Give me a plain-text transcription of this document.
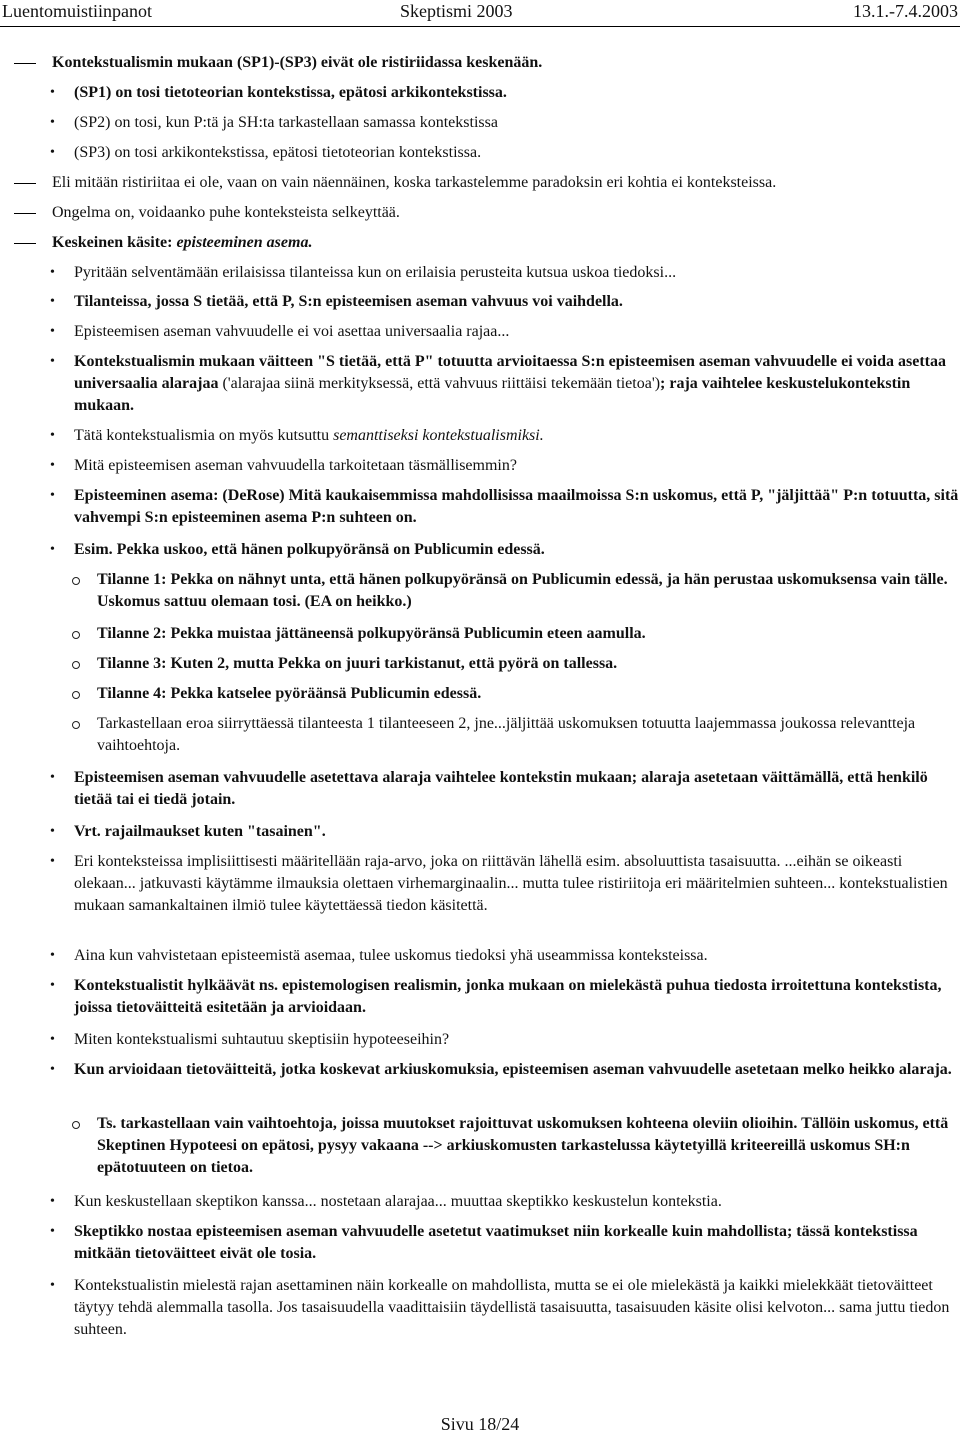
Luentomuistiinpanot	Skeptismi 2003	13.1.-7.4.2003
Kontekstualismin mukaan (SP1)-(SP3) eivät ole ristiriidassa keskenään.
• (SP1) on tosi tietoteorian kontekstissa, epätosi arkikontekstissa.
• (SP2) on tosi, kun P:tä ja SH:ta tarkastellaan samassa kontekstissa
• (SP3) on tosi arkikontekstissa, epätosi tietoteorian kontekstissa.
Eli mitään ristiriitaa ei ole, vaan on vain näennäinen, koska tarkastelemme paradoksin eri kohtia ei konteksteissa.
Ongelma on, voidaanko puhe konteksteista selkeyttää.
Keskeinen käsite: episteeminen asema.
• Pyritään selventämään erilaisissa tilanteissa kun on erilaisia perusteita kutsua uskoa tiedoksi...
• Tilanteissa, jossa S tietää, että P, S:n episteemisen aseman vahvuus voi vaihdella.
• Episteemisen aseman vahvuudelle ei voi asettaa universaalia rajaa...
• Kontekstualismin mukaan väitteen "S tietää, että P" totuutta arvioitaessa S:n episteemisen aseman vahvuudelle ei voida asettaa universaalia alarajaa ('alarajaa siinä merkityksessä, että vahvuus riittäisi tekemään tietoa'); raja vaihtelee keskustelukontekstin mukaan.
• Tätä kontekstualismia on myös kutsuttu semanttiseksi kontekstualismiksi.
• Mitä episteemisen aseman vahvuudella tarkoitetaan täsmällisemmin?
• Episteeminen asema: (DeRose) Mitä kaukaisemmissa mahdollisissa maailmoissa S:n uskomus, että P, "jäljittää" P:n totuutta, sitä vahvempi S:n episteeminen asema P:n suhteen on.
• Esim. Pekka uskoo, että hänen polkupyöränsä on Publicumin edessä.
Tilanne 1: Pekka on nähnyt unta, että hänen polkupyöränsä on Publicumin edessä, ja hän perustaa uskomuksensa vain tälle. Uskomus sattuu olemaan tosi. (EA on heikko.)
Tilanne 2: Pekka muistaa jättäneensä polkupyöränsä Publicumin eteen aamulla.
Tilanne 3: Kuten 2, mutta Pekka on juuri tarkistanut, että pyörä on tallessa.
Tilanne 4: Pekka katselee pyöräänsä Publicumin edessä.
Tarkastellaan eroa siirryttäessä tilanteesta 1 tilanteeseen 2, jne...jäljittää uskomuksen totuutta laajemmassa joukossa relevantteja vaihtoehtoja.
• Episteemisen aseman vahvuudelle asetettava alaraja vaihtelee kontekstin mukaan; alaraja asetetaan väittämällä, että henkilö tietää tai ei tiedä jotain.
• Vrt. rajailmaukset kuten "tasainen".
• Eri konteksteissa implisiittisesti määritellään raja-arvo, joka on riittävän lähellä esim. absoluuttista tasaisuutta. ...eihän se oikeasti olekaan... jatkuvasti käytämme ilmauksia olettaen virhemarginaalin... mutta tulee ristiriitoja eri määritelmien suhteen... kontekstualistien mukaan samankaltainen ilmiö tulee käytettäessä tiedon käsitettä.
• Aina kun vahvistetaan episteemistä asemaa, tulee uskomus tiedoksi yhä useammissa konteksteissa.
• Kontekstualistit hylkäävät ns. epistemologisen realismin, jonka mukaan on mielekästä puhua tiedosta irroitettuna kontekstista, joissa tietoväitteitä esitetään ja arvioidaan.
• Miten kontekstualismi suhtautuu skeptisiin hypoteeseihin?
• Kun arvioidaan tietoväitteitä, jotka koskevat arkiuskomuksia, episteemisen aseman vahvuudelle asetetaan melko heikko alaraja.
Ts. tarkastellaan vain vaihtoehtoja, joissa muutokset rajoittuvat uskomuksen kohteena oleviin olioihin. Tällöin uskomus, että Skeptinen Hypoteesi on epätosi, pysyy vakaana --> arkiuskomusten tarkastelussa käytetyillä kriteereillä uskomus SH:n epätotuuteen on tietoa.
• Kun keskustellaan skeptikon kanssa... nostetaan alarajaa... muuttaa skeptikko keskustelun kontekstia.
• Skeptikko nostaa episteemisen aseman vahvuudelle asetetut vaatimukset niin korkealle kuin mahdollista; tässä kontekstissa mitkään tietoväitteet eivät ole tosia.
• Kontekstualistin mielestä rajan asettaminen näin korkealle on mahdollista, mutta se ei ole mielekästä ja kaikki mielekkäät tietoväitteet täytyy tehdä alemmalla tasolla. Jos tasaisuudella vaadittaisiin täydellistä tasaisuutta, tasaisuuden käsite olisi kelvoton... sama juttu tiedon suhteen.
Sivu 18/24
